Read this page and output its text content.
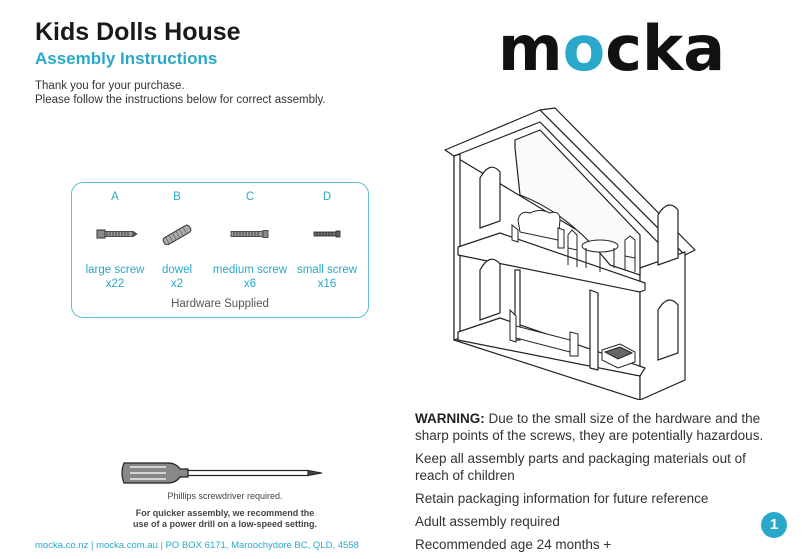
Kids Dolls House
Assembly Instructions
Thank you for your purchase.
Please follow the instructions below for correct assembly.
mocka
A
large screw
x22
B
dowel
x2
C
medium screw
x6
D
small screw
x16
Hardware Supplied

WARNING: Due to the small size of the hardware and the sharp points of the screws, they are potentially hazardous.

Keep all assembly parts and packaging materials out of reach of children

Retain packaging information for future reference

Adult assembly required

Recommended age 24 months +

Phillips screwdriver required.
For quicker assembly, we recommend the
use of a power drill on a low-speed setting.
mocka.co.nz | mocka.com.au | PO BOX 6171, Maroochydore BC, QLD, 4558
1
